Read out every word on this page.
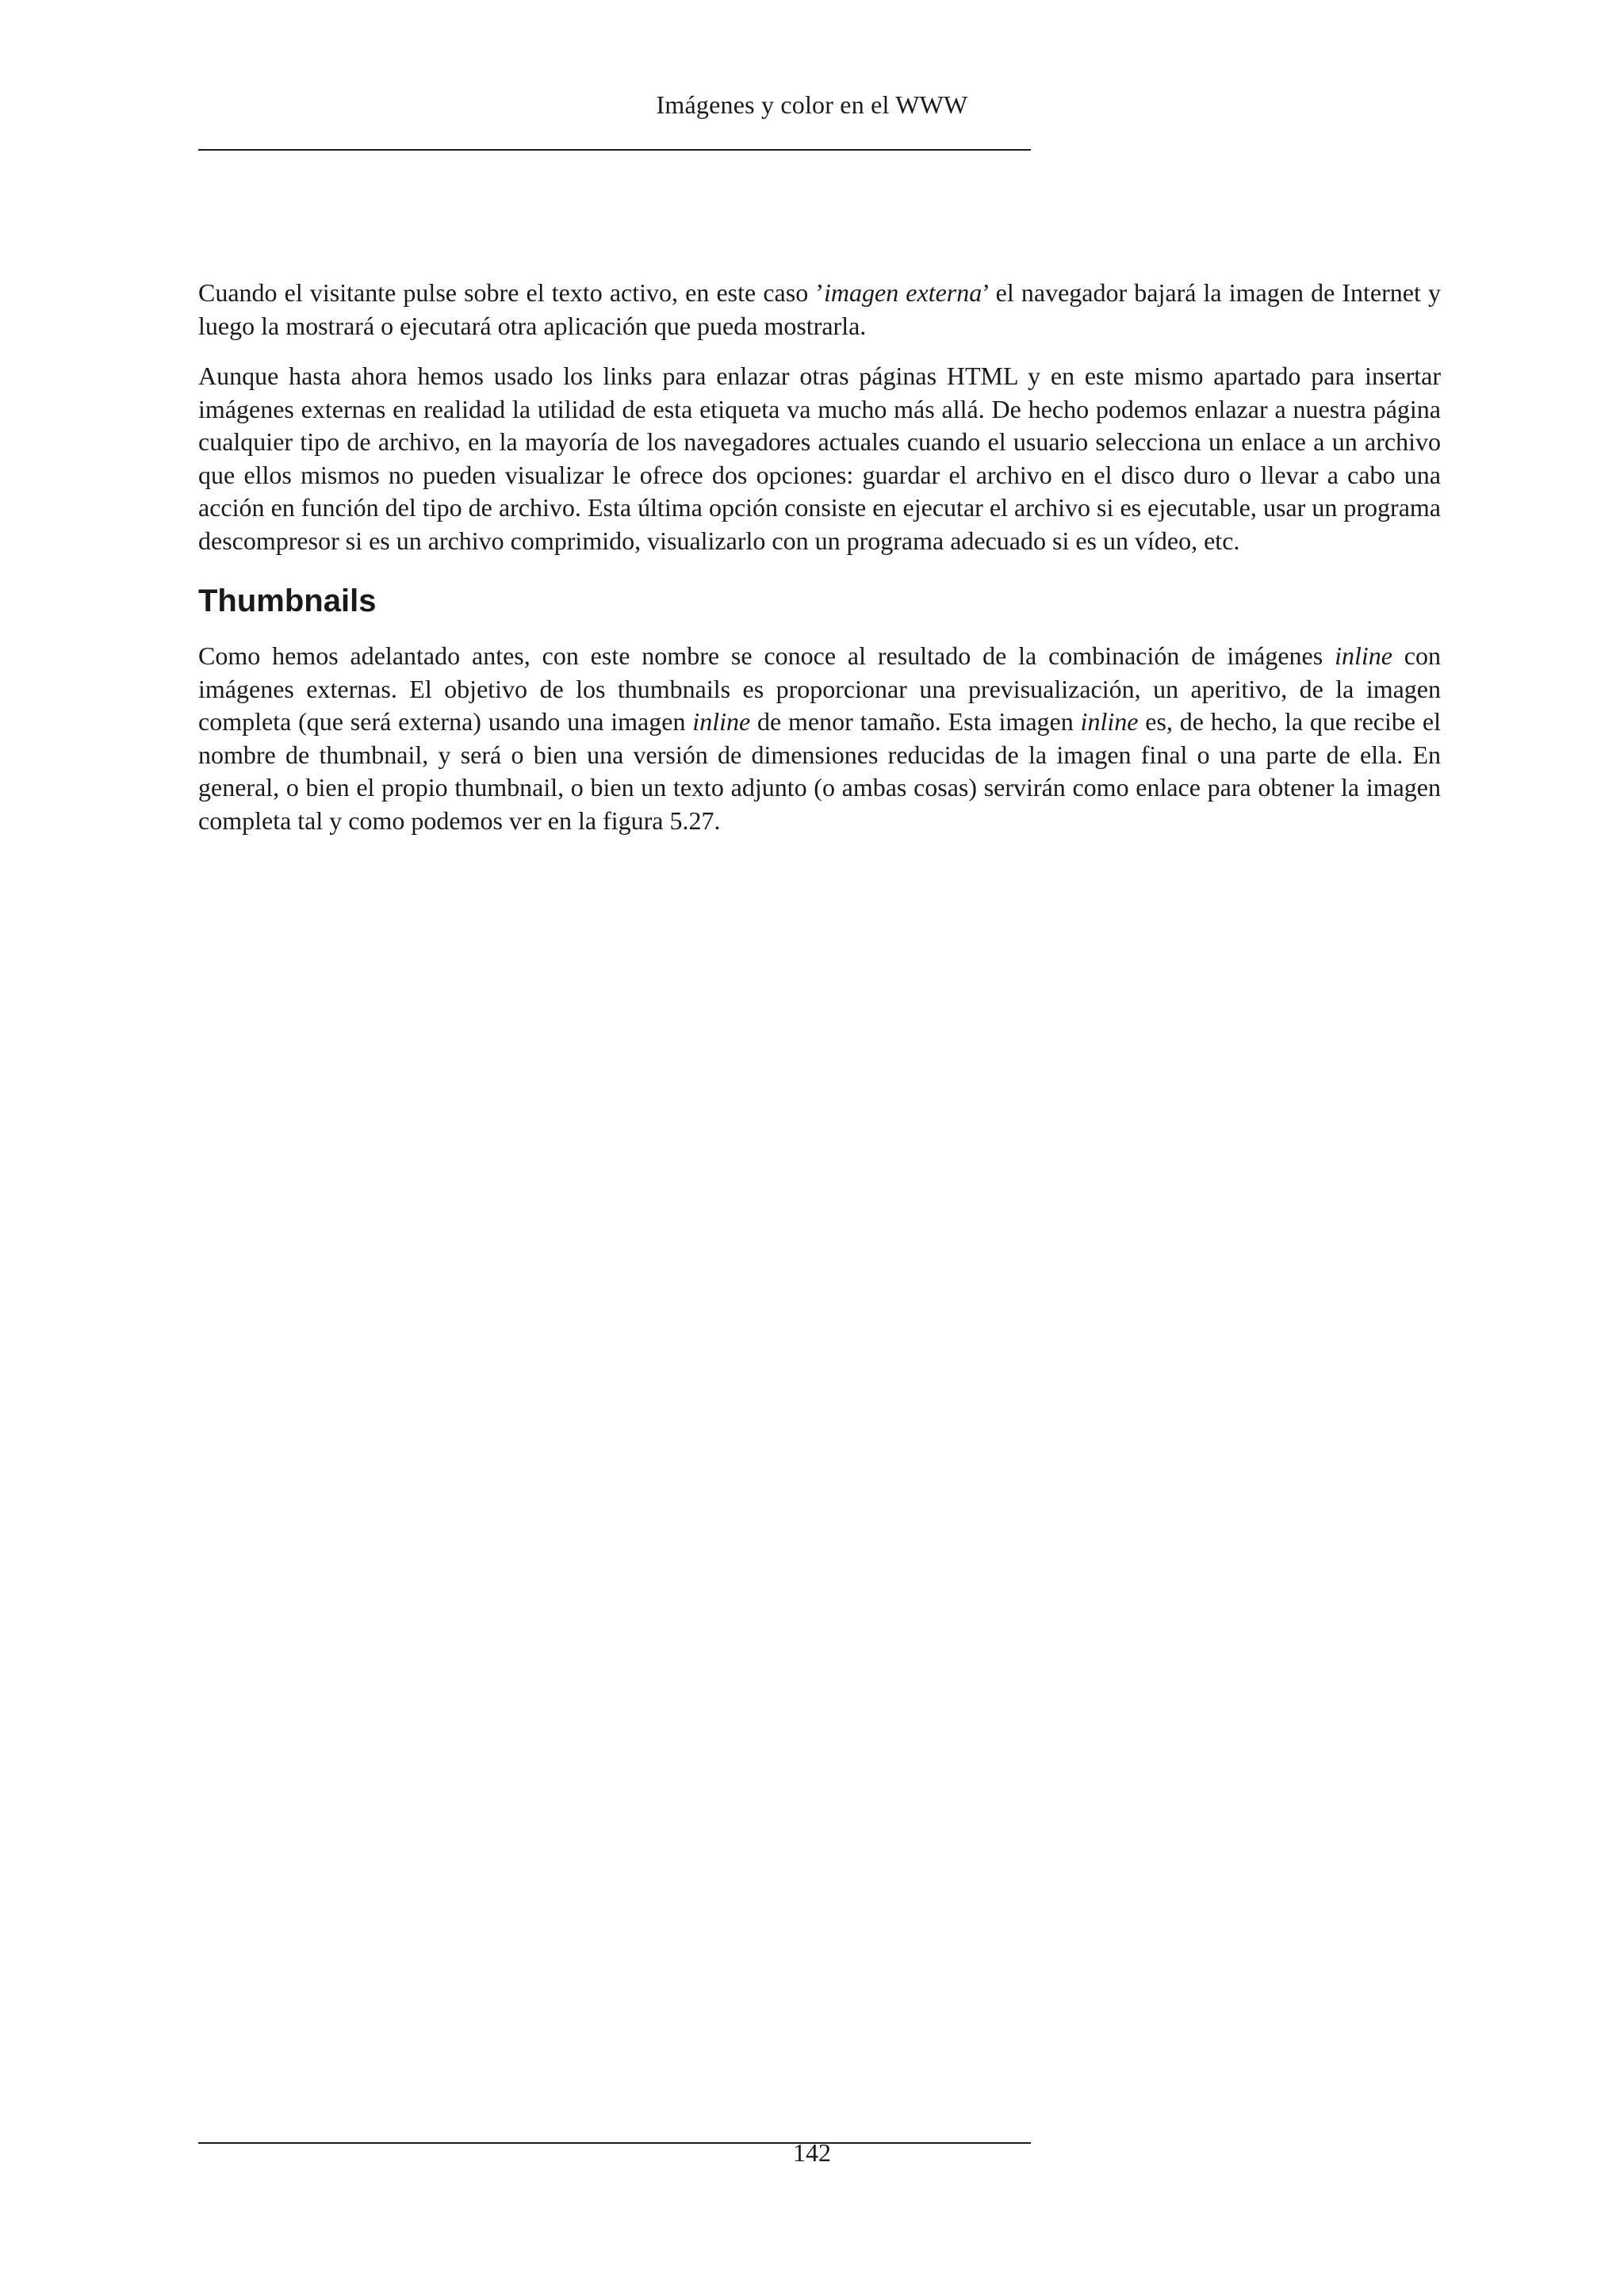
Imágenes y color en el WWW

Cuando el visitante pulse sobre el texto activo, en este caso ’imagen externa’ el navegador bajará la imagen de Internet y luego la mostrará o ejecutará otra aplicación que pueda mostrarla.

Aunque hasta ahora hemos usado los links para enlazar otras páginas HTML y en este mismo apartado para insertar imágenes externas en realidad la utilidad de esta etiqueta va mucho más allá. De hecho podemos enlazar a nuestra página cualquier tipo de archivo, en la mayoría de los navegadores actuales cuando el usuario selecciona un enlace a un archivo que ellos mismos no pueden visualizar le ofrece dos opciones: guardar el archivo en el disco duro o llevar a cabo una acción en función del tipo de archivo. Esta última opción consiste en ejecutar el archivo si es ejecutable, usar un programa descompresor si es un archivo comprimido, visualizarlo con un programa adecuado si es un vídeo, etc.

Thumbnails

Como hemos adelantado antes, con este nombre se conoce al resultado de la combinación de imágenes inline con imágenes externas. El objetivo de los thumbnails es proporcionar una previsualización, un aperitivo, de la imagen completa (que será externa) usando una imagen inline de menor tamaño. Esta imagen inline es, de hecho, la que recibe el nombre de thumbnail, y será o bien una versión de dimensiones reducidas de la imagen final o una parte de ella. En general, o bien el propio thumbnail, o bien un texto adjunto (o ambas cosas) servirán como enlace para obtener la imagen completa tal y como podemos ver en la figura 5.27.

142
